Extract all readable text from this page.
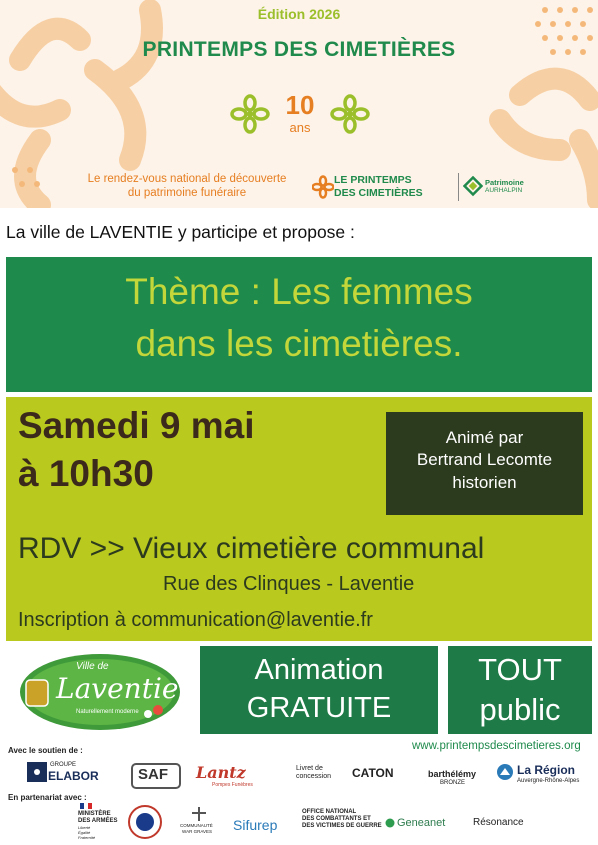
Édition 2026
PRINTEMPS DES CIMETIÈRES
10
ans
Le rendez-vous national de découverte
du patrimoine funéraire
LE PRINTEMPS
DES CIMETIÈRES
Patrimoine
AURHALPIN
La ville de LAVENTIE y participe et propose :
Thème : Les femmes
dans les cimetières.
Samedi 9 mai
à 10h30
Animé par
Bertrand Lecomte
historien
RDV >> Vieux cimetière communal
Rue des Clinques - Laventie
Inscription à communication@laventie.fr
Ville de
Laventie
Naturellement moderne
Animation
GRATUITE
TOUT
public
www.printempsdescimetieres.org
Avec le soutien de :
GROUPE
ELABOR	SAF Lantz
Pompes Funèbres
Livret de
concession CATON	barthélémy
BRONZE
La Région
Auvergne-Rhône-Alpes
En partenariat avec :
MINISTÈRE
DES ARMÉES
Liberté
Égalité
Fraternité
COMMUNAUTÉ
WAR GRAVES Sifurep
OFFICE NATIONAL
DES COMBATTANTS ET
DES VICTIMES DE GUERRE Geneanet	Résonance
